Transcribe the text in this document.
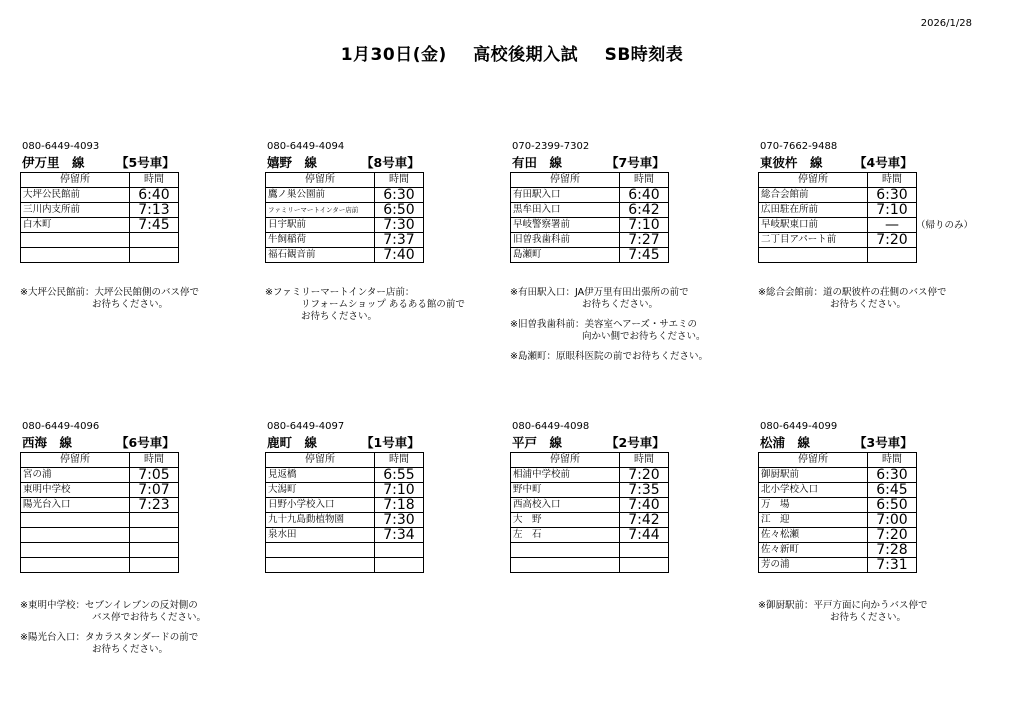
2026/1/28
1月30日(金) 高校後期入試 SB時刻表
080-6449-4093
伊万里　線	【5号車】
停留所	時間
大坪公民館前	6:40
三川内支所前	7:13
白木町	7:45

※大坪公民館前：大坪公民館側のバス停で
お待ちください。
080-6449-4094
嬉野　線	【8号車】
停留所	時間
鷹ノ巣公園前	6:30
ファミリーマートインター店前	6:50
日宇駅前	7:30
牛飼稲荷	7:37
福石観音前	7:40
※ファミリーマートインター店前：
リフォームショップ あるある館の前で
お待ちください。
070-2399-7302
有田　線	【7号車】
停留所	時間
有田駅入口	6:40
黒牟田入口	6:42
早岐警察署前	7:10
旧曽我歯科前	7:27
島瀬町	7:45
※有田駅入口：JA伊万里有田出張所の前で
お待ちください。
※旧曽我歯科前：美容室ヘアーズ・サエミの
向かい側でお待ちください。
※島瀬町：原眼科医院の前でお待ちください。
070-7662-9488
東彼杵　線	【4号車】
停留所	時間
総合会館前	6:30
広田駐在所前	7:10
早岐駅東口前	—
二丁目アパート前	7:20

（帰りのみ）
※総合会館前：道の駅彼杵の荘側のバス停で
お待ちください。
080-6449-4096
西海　線	【6号車】
停留所	時間
宮の浦	7:05
東明中学校	7:07
陽光台入口	7:23

※東明中学校：セブンイレブンの反対側の
バス停でお待ちください。
※陽光台入口：タカラスタンダードの前で
お待ちください。
080-6449-4097
鹿町　線	【1号車】
停留所	時間
見返橋	6:55
大潟町	7:10
日野小学校入口	7:18
九十九島動植物園	7:30
泉水田	7:34

080-6449-4098
平戸　線	【2号車】
停留所	時間
相浦中学校前	7:20
野中町	7:35
西高校入口	7:40
大　野	7:42
左　石	7:44

080-6449-4099
松浦　線	【3号車】
停留所	時間
御厨駅前	6:30
北小学校入口	6:45
万　場	6:50
江　迎	7:00
佐々松瀬	7:20
佐々新町	7:28
芳の浦	7:31
※御厨駅前：平戸方面に向かうバス停で
お待ちください。
